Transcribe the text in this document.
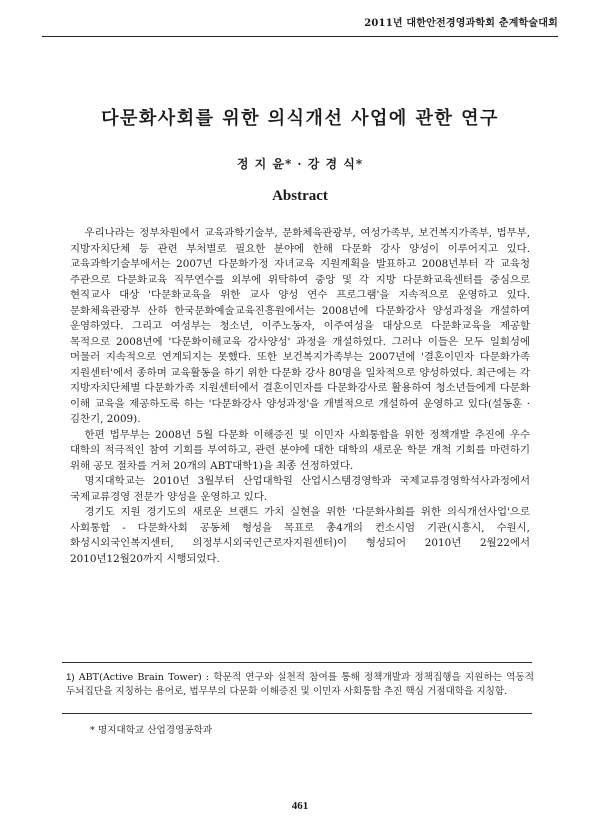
2011년 대한안전경영과학회 춘계학술대회
다문화사회를 위한 의식개선 사업에 관한 연구
정 지 윤* · 강 경 식*
Abstract

우리나라는 정부차원에서 교육과학기술부, 문화체육관광부, 여성가족부, 보건복지가족부, 법무부, 지방자치단체 등 관련 부처별로 필요한 분야에 한해 다문화 강사 양성이 이루어지고 있다. 교육과학기술부에서는 2007년 다문화가정 자녀교육 지원계획을 발표하고 2008년부터 각 교육청 주관으로 다문화교육 직무연수를 외부에 위탁하여 중앙 및 각 지방 다문화교육센터를 중심으로 현직교사 대상 '다문화교육을 위한 교사 양성 연수 프로그램'을 지속적으로 운영하고 있다. 문화체육관광부 산하 한국문화예술교육진흥원에서는 2008년에 다문화강사 양성과정을 개설하여 운영하였다. 그리고 여성부는 청소년, 이주노동자, 이주여성을 대상으로 다문화교육을 제공할 목적으로 2008년에 '다문화이해교육 강사양성' 과정을 개설하였다. 그러나 이들은 모두 일회성에 머물러 지속적으로 연계되지는 못했다. 또한 보건복지가족부는 2007년에 '결혼이민자 다문화가족 지원센터'에서 종하며 교육활동을 하기 위한 다문화 강사 80명을 일차적으로 양성하였다. 최근에는 각 지방자치단체별 다문화가족 지원센터에서 결혼이민자를 다문화강사로 활용하여 청소년들에게 다문화 이해 교육을 제공하도록 하는 '다문화강사 양성과정'을 개별적으로 개설하여 운영하고 있다(설동훈 · 김찬기, 2009).

한편 법무부는 2008년 5월 다문화 이해증진 및 이민자 사회통합을 위한 정책개발 추진에 우수 대학의 적극적인 참여 기회를 부여하고, 관련 분야에 대한 대학의 새로운 학문 개척 기회를 마련하기 위해 공모 절차를 거쳐 20개의 ABT대학1)을 최종 선정하였다.

명지대학교는 2010년 3월부터 산업대학원 산업시스템경영학과 국제교류경영학석사과정에서 국제교류경영 전문가 양성을 운영하고 있다.

경기도 지원 경기도의 새로운 브랜드 가치 실현을 위한 '다문화사회를 위한 의식개선사업'으로 사회통합 - 다문화사회 공동체 형성을 목표로 총4개의 컨소시엄 기관(시흥시, 수원시, 화성시외국인복지센터, 의정부시외국인근로자지원센터)이 형성되어 2010년 2월22에서 2010년12월20까지 시행되었다.

1) ABT(Active Brain Tower) : 학문적 연구와 실천적 참여를 통해 정책개발과 정책집행을 지원하는 역동적 두뇌집단을 지칭하는 용어로, 법무부의 다문화 이해증진 및 이민자 사회통합 추진 핵심 거점대학을 지칭함.
* 명지대학교 산업경영공학과
461
